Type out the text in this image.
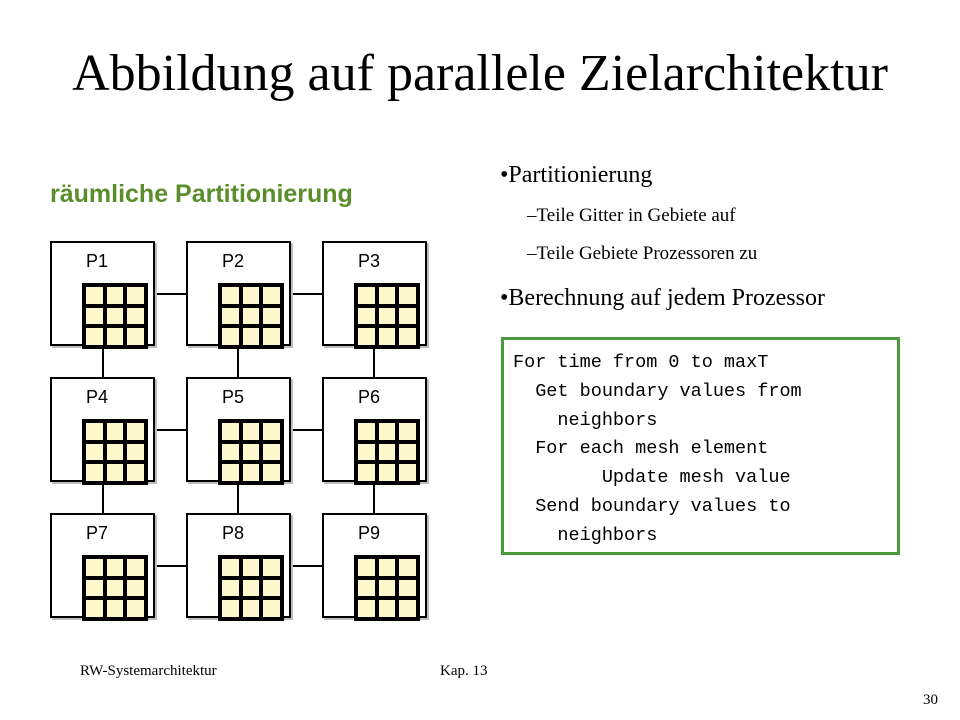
Abbildung auf parallele Zielarchitektur
räumliche Partitionierung
P1	P2	P3
P4	P5	P6
P7	P8	P9
•Partitionierung
–Teile Gitter in Gebiete auf
–Teile Gebiete Prozessoren zu
•Berechnung auf jedem Prozessor
For time from 0 to maxT
Get boundary values from
neighbors
For each mesh element
Update mesh value
Send boundary values to
neighbors
RW-Systemarchitektur	Kap. 13
30
